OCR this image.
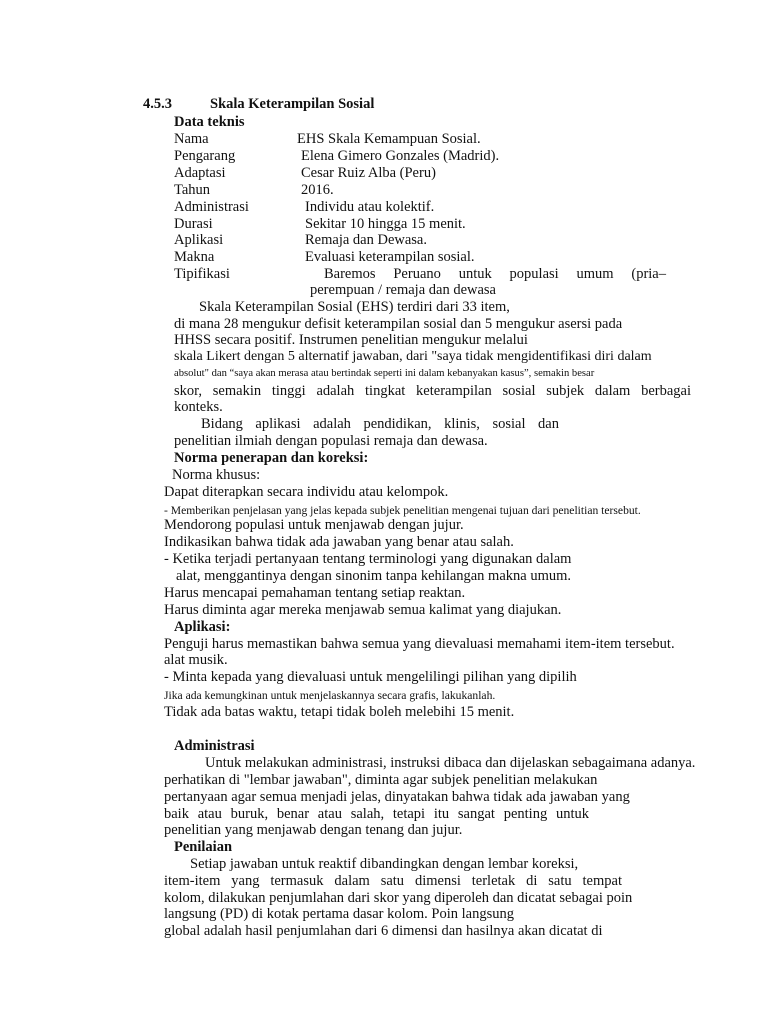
4.5.3	Skala Keterampilan Sosial
Data teknis
Nama	EHS Skala Kemampuan Sosial.
Pengarang	Elena Gimero Gonzales (Madrid).
Adaptasi	Cesar Ruiz Alba (Peru)
Tahun	2016.
Administrasi	Individu atau kolektif.
Durasi	Sekitar 10 hingga 15 menit.
Aplikasi	Remaja dan Dewasa.
Makna	Evaluasi keterampilan sosial.
Tipifikasi	Baremos Peruano untuk populasi umum (pria–
perempuan / remaja dan dewasa
Skala Keterampilan Sosial (EHS) terdiri dari 33 item,
di mana 28 mengukur defisit keterampilan sosial dan 5 mengukur asersi pada
HHSS secara positif. Instrumen penelitian mengukur melalui
skala Likert dengan 5 alternatif jawaban, dari "saya tidak mengidentifikasi diri dalam
absolut" dan “saya akan merasa atau bertindak seperti ini dalam kebanyakan kasus”, semakin besar
skor, semakin tinggi adalah tingkat keterampilan sosial subjek dalam berbagai
konteks.
Bidang aplikasi adalah pendidikan, klinis, sosial dan
penelitian ilmiah dengan populasi remaja dan dewasa.
Norma penerapan dan koreksi:
Norma khusus:
Dapat diterapkan secara individu atau kelompok.
- Memberikan penjelasan yang jelas kepada subjek penelitian mengenai tujuan dari penelitian tersebut.
Mendorong populasi untuk menjawab dengan jujur.
Indikasikan bahwa tidak ada jawaban yang benar atau salah.
- Ketika terjadi pertanyaan tentang terminologi yang digunakan dalam
alat, menggantinya dengan sinonim tanpa kehilangan makna umum.
Harus mencapai pemahaman tentang setiap reaktan.
Harus diminta agar mereka menjawab semua kalimat yang diajukan.
Aplikasi:
Penguji harus memastikan bahwa semua yang dievaluasi memahami item-item tersebut.
alat musik.
- Minta kepada yang dievaluasi untuk mengelilingi pilihan yang dipilih
Jika ada kemungkinan untuk menjelaskannya secara grafis, lakukanlah.
Tidak ada batas waktu, tetapi tidak boleh melebihi 15 menit.
Administrasi
Untuk melakukan administrasi, instruksi dibaca dan dijelaskan sebagaimana adanya.
perhatikan di "lembar jawaban", diminta agar subjek penelitian melakukan
pertanyaan agar semua menjadi jelas, dinyatakan bahwa tidak ada jawaban yang
baik atau buruk, benar atau salah, tetapi itu sangat penting untuk
penelitian yang menjawab dengan tenang dan jujur.
Penilaian
Setiap jawaban untuk reaktif dibandingkan dengan lembar koreksi,
item-item yang termasuk dalam satu dimensi terletak di satu tempat
kolom, dilakukan penjumlahan dari skor yang diperoleh dan dicatat sebagai poin
langsung (PD) di kotak pertama dasar kolom. Poin langsung
global adalah hasil penjumlahan dari 6 dimensi dan hasilnya akan dicatat di
